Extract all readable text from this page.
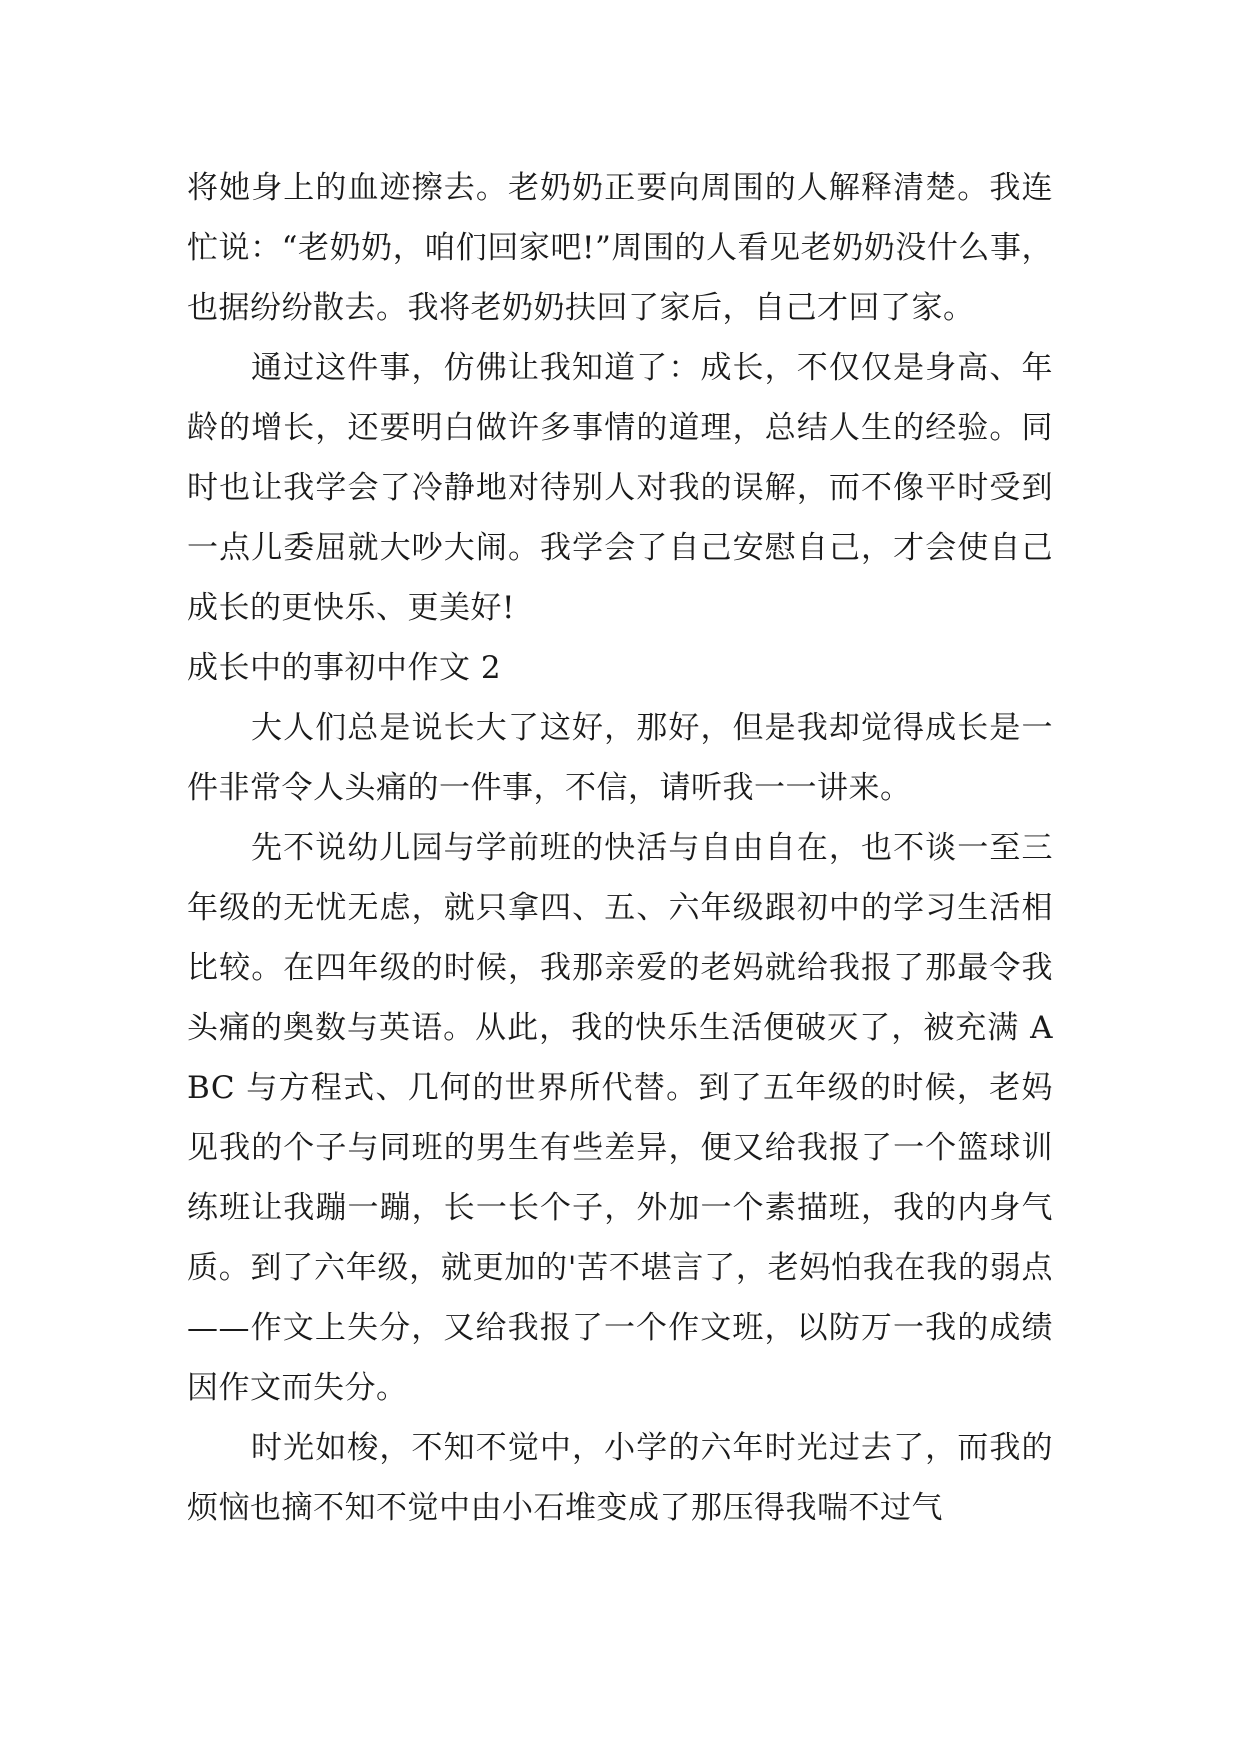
将她身上的血迹擦去。老奶奶正要向周围的人解释清楚。我连忙说：“老奶奶，咱们回家吧!”周围的人看见老奶奶没什么事，也据纷纷散去。我将老奶奶扶回了家后，自己才回了家。

通过这件事，仿佛让我知道了：成长，不仅仅是身高、年龄的增长，还要明白做许多事情的道理，总结人生的经验。同时也让我学会了冷静地对待别人对我的误解，而不像平时受到一点儿委屈就大吵大闹。我学会了自己安慰自己，才会使自己成长的更快乐、更美好!

成长中的事初中作文 2

大人们总是说长大了这好，那好，但是我却觉得成长是一件非常令人头痛的一件事，不信，请听我一一讲来。

先不说幼儿园与学前班的快活与自由自在，也不谈一至三年级的无忧无虑，就只拿四、五、六年级跟初中的学习生活相比较。在四年级的时候，我那亲爱的老妈就给我报了那最令我头痛的奥数与英语。从此，我的快乐生活便破灭了，被充满 ABC 与方程式、几何的世界所代替。到了五年级的时候，老妈见我的个子与同班的男生有些差异，便又给我报了一个篮球训练班让我蹦一蹦，长一长个子，外加一个素描班，我的内身气质。到了六年级，就更加的'苦不堪言了，老妈怕我在我的弱点——作文上失分，又给我报了一个作文班，以防万一我的成绩因作文而失分。

时光如梭，不知不觉中，小学的六年时光过去了，而我的烦恼也摘不知不觉中由小石堆变成了那压得我喘不过气
